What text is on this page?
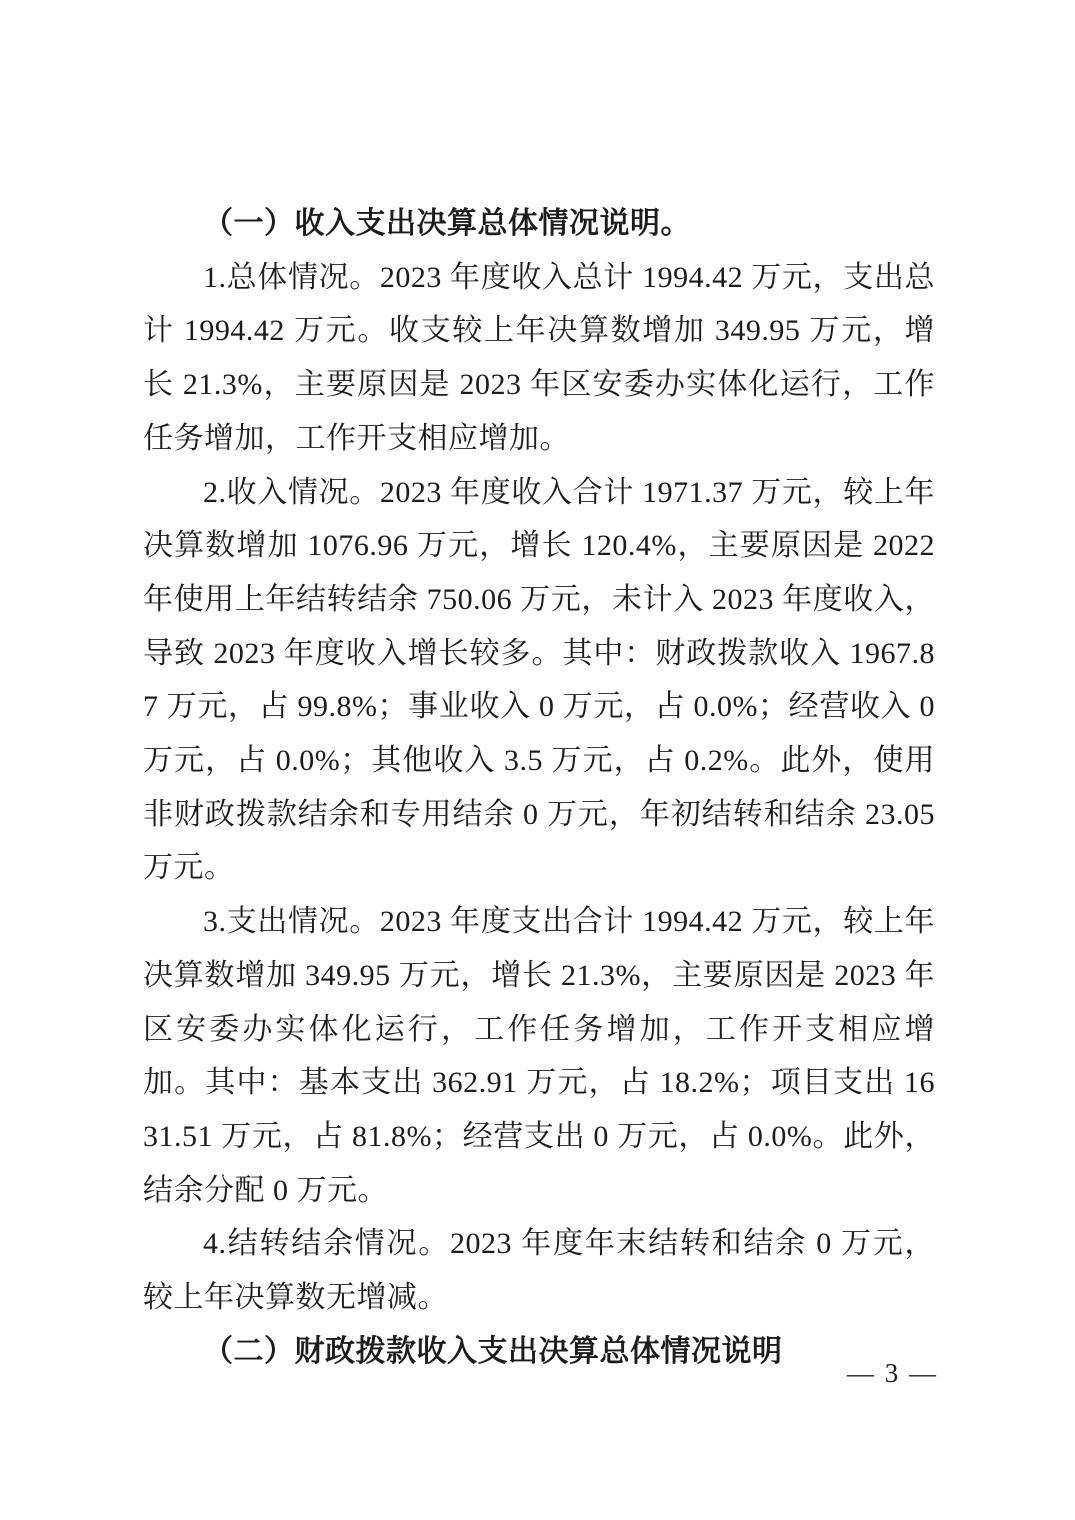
（一）收入支出决算总体情况说明。

1.总体情况。2023 年度收入总计 1994.42 万元，支出总计 1994.42 万元。收支较上年决算数增加 349.95 万元，增长 21.3%，主要原因是 2023 年区安委办实体化运行，工作任务增加，工作开支相应增加。

2.收入情况。2023 年度收入合计 1971.37 万元，较上年决算数增加 1076.96 万元，增长 120.4%，主要原因是 2022 年使用上年结转结余 750.06 万元，未计入 2023 年度收入，导致 2023 年度收入增长较多。其中：财政拨款收入 1967.87 万元，占 99.8%；事业收入 0 万元，占 0.0%；经营收入 0 万元，占 0.0%；其他收入 3.5 万元，占 0.2%。此外，使用非财政拨款结余和专用结余 0 万元，年初结转和结余 23.05 万元。

3.支出情况。2023 年度支出合计 1994.42 万元，较上年决算数增加 349.95 万元，增长 21.3%，主要原因是 2023 年区安委办实体化运行，工作任务增加，工作开支相应增加。其中：基本支出 362.91 万元，占 18.2%；项目支出 1631.51 万元，占 81.8%；经营支出 0 万元，占 0.0%。此外，结余分配 0 万元。

4.结转结余情况。2023 年度年末结转和结余 0 万元，较上年决算数无增减。

（二）财政拨款收入支出决算总体情况说明

— 3 —
